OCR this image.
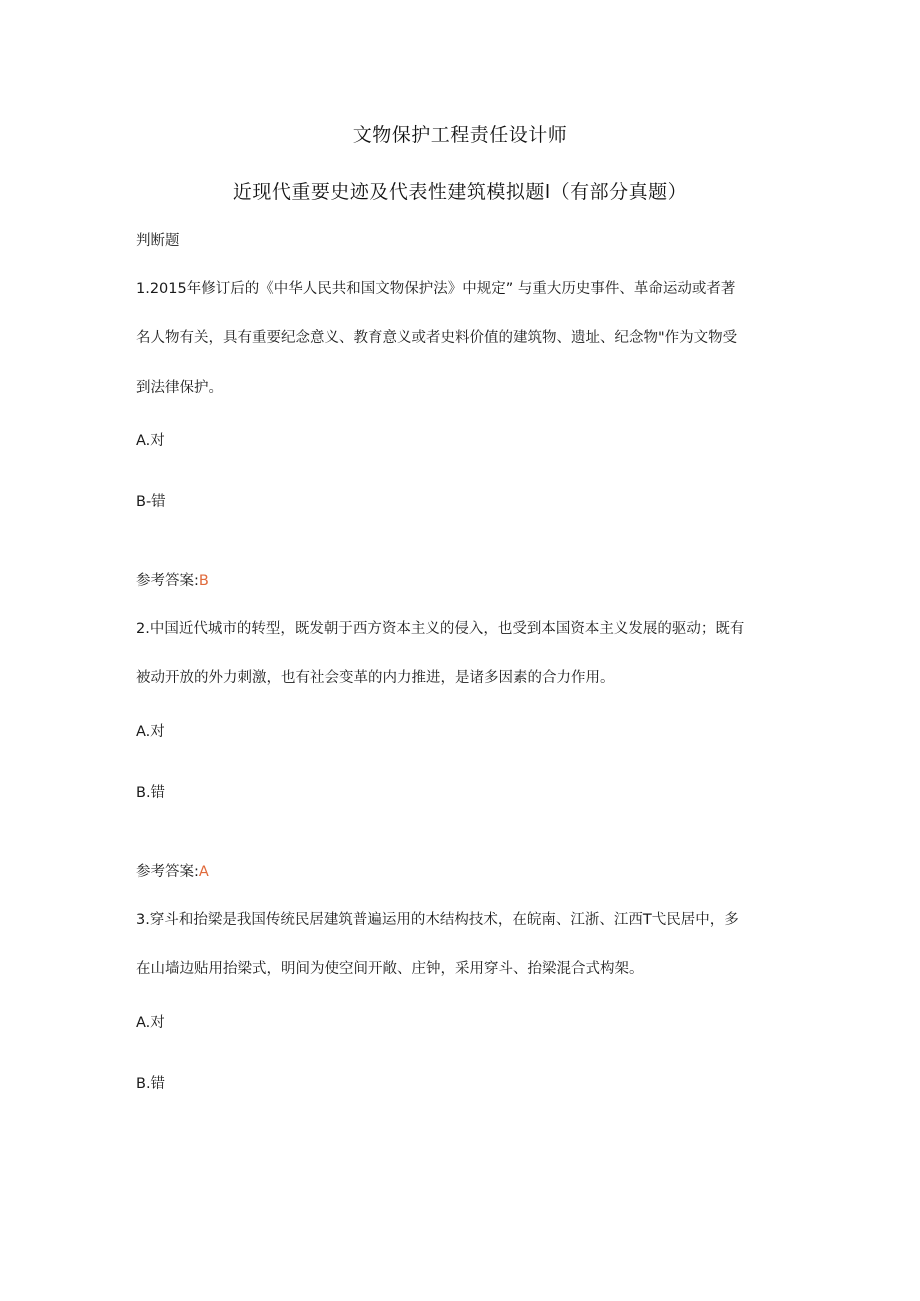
文物保护工程责任设计师
近现代重要史迹及代表性建筑模拟题l（有部分真题）
判断题
1.2015年修订后的《中华人民共和国文物保护法》中规定” 与重大历史事件、革命运动或者著
名人物有关，具有重要纪念意义、教育意义或者史料价值的建筑物、遗址、纪念物"作为文物受
到法律保护。
A.对
B-错
参考答案:B
2.中国近代城市的转型，既发朝于西方资本主义的侵入，也受到本国资本主义发展的驱动；既有
被动开放的外力刺激，也有社会变革的内力推进，是诸多因素的合力作用。
A.对
B.错
参考答案:A
3.穿斗和抬梁是我国传统民居建筑普遍运用的木结构技术，在皖南、江浙、江西T弋民居中，多
在山墙边贴用抬梁式，明间为使空间开敞、庄钟，采用穿斗、抬梁混合式构架。
A.对
B.错
